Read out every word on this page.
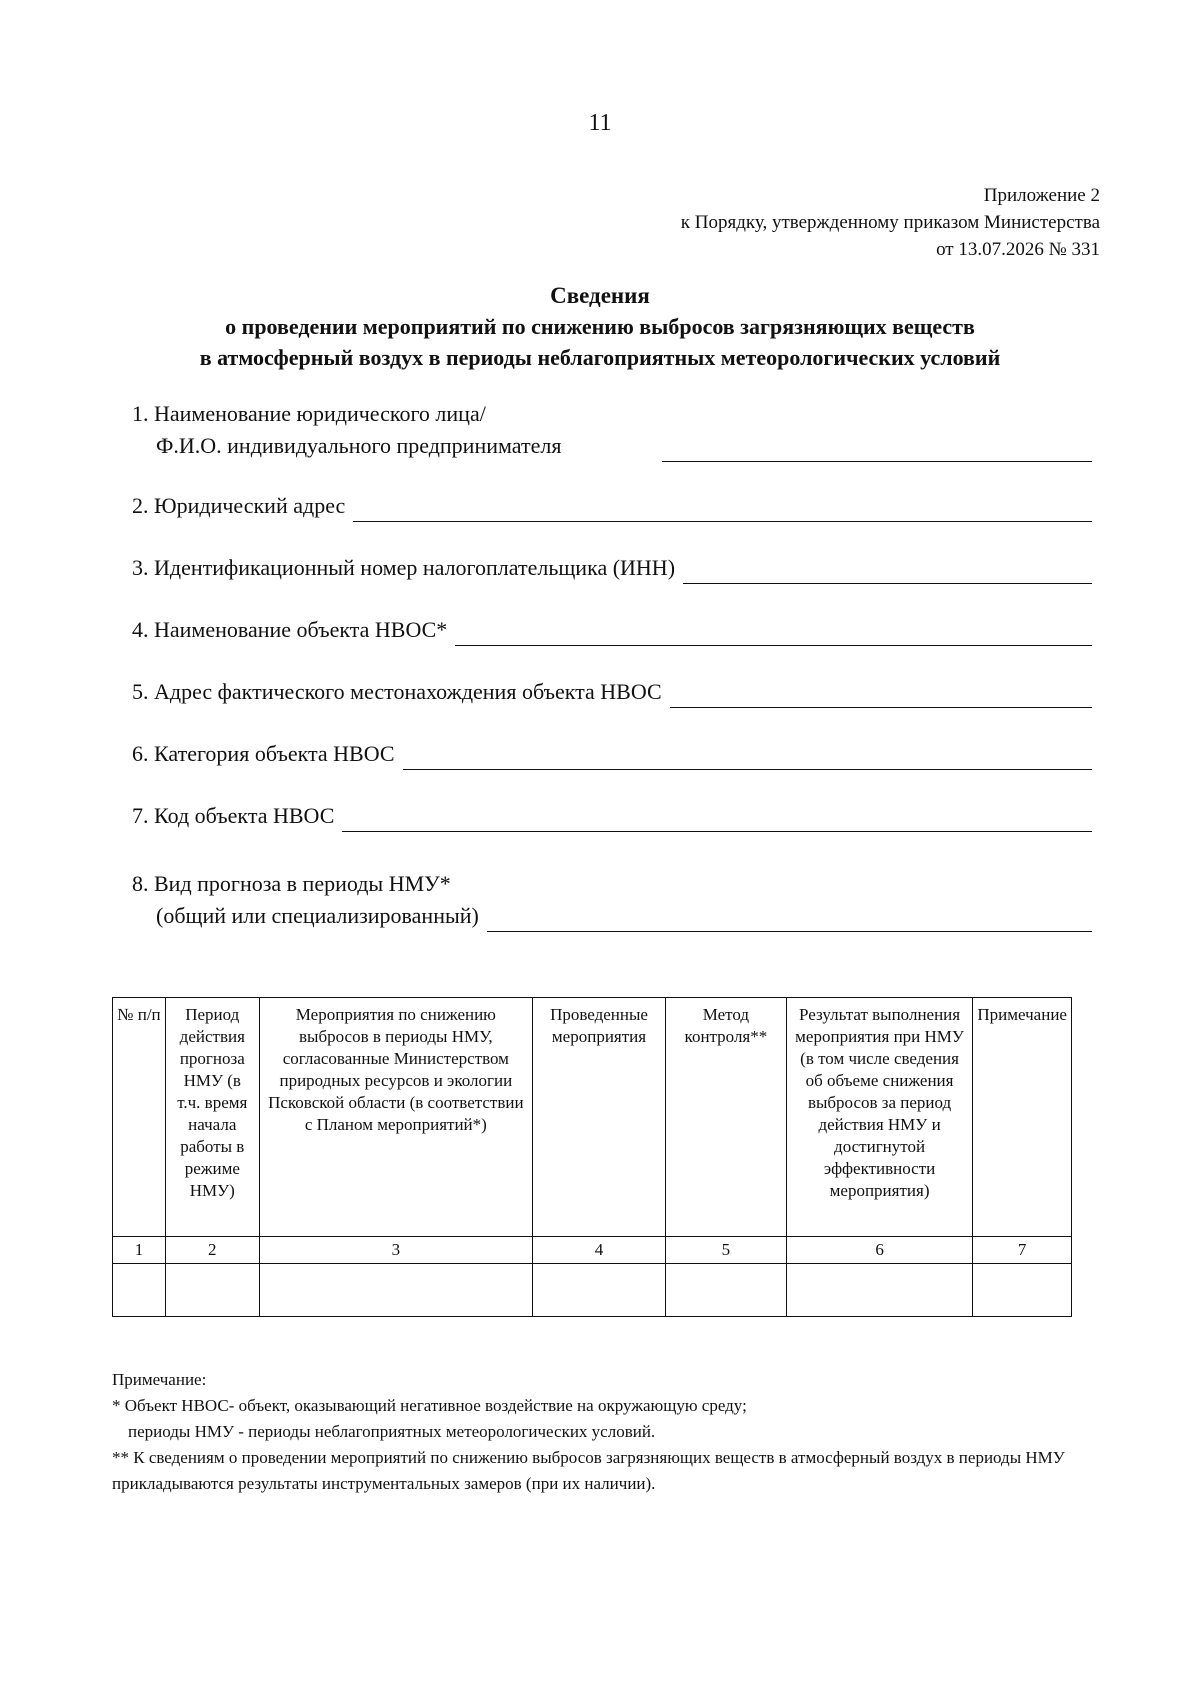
11
Приложение 2
к Порядку, утвержденному приказом Министерства
от 13.07.2026 № 331
Сведения
о проведении мероприятий по снижению выбросов загрязняющих веществ
в атмосферный воздух в периоды неблагоприятных метеорологических условий
1. Наименование юридического лица/
Ф.И.О. индивидуального предпринимателя
2. Юридический адрес
3. Идентификационный номер налогоплательщика (ИНН)
4. Наименование объекта НВОС*
5. Адрес фактического местонахождения объекта НВОС
6. Категория объекта НВОС
7. Код объекта НВОС
8. Вид прогноза в периоды НМУ*
(общий или специализированный)
№ п/п	Период действия прогноза НМУ (в т.ч. время начала работы в режиме НМУ)	Мероприятия по снижению выбросов в периоды НМУ, согласованные Министерством природных ресурсов и экологии Псковской области (в соответствии с Планом мероприятий*)	Проведенные мероприятия	Метод контроля**	Результат выполнения мероприятия при НМУ (в том числе сведения об объеме снижения выбросов за период действия НМУ и достигнутой эффективности мероприятия)	Примечание
1	2	3	4	5	6	7

Примечание:
* Объект НВОС- объект, оказывающий негативное воздействие на окружающую среду;
периоды НМУ - периоды неблагоприятных метеорологических условий.
** К сведениям о проведении мероприятий по снижению выбросов загрязняющих веществ в атмосферный воздух в периоды НМУ прикладываются результаты инструментальных замеров (при их наличии).
